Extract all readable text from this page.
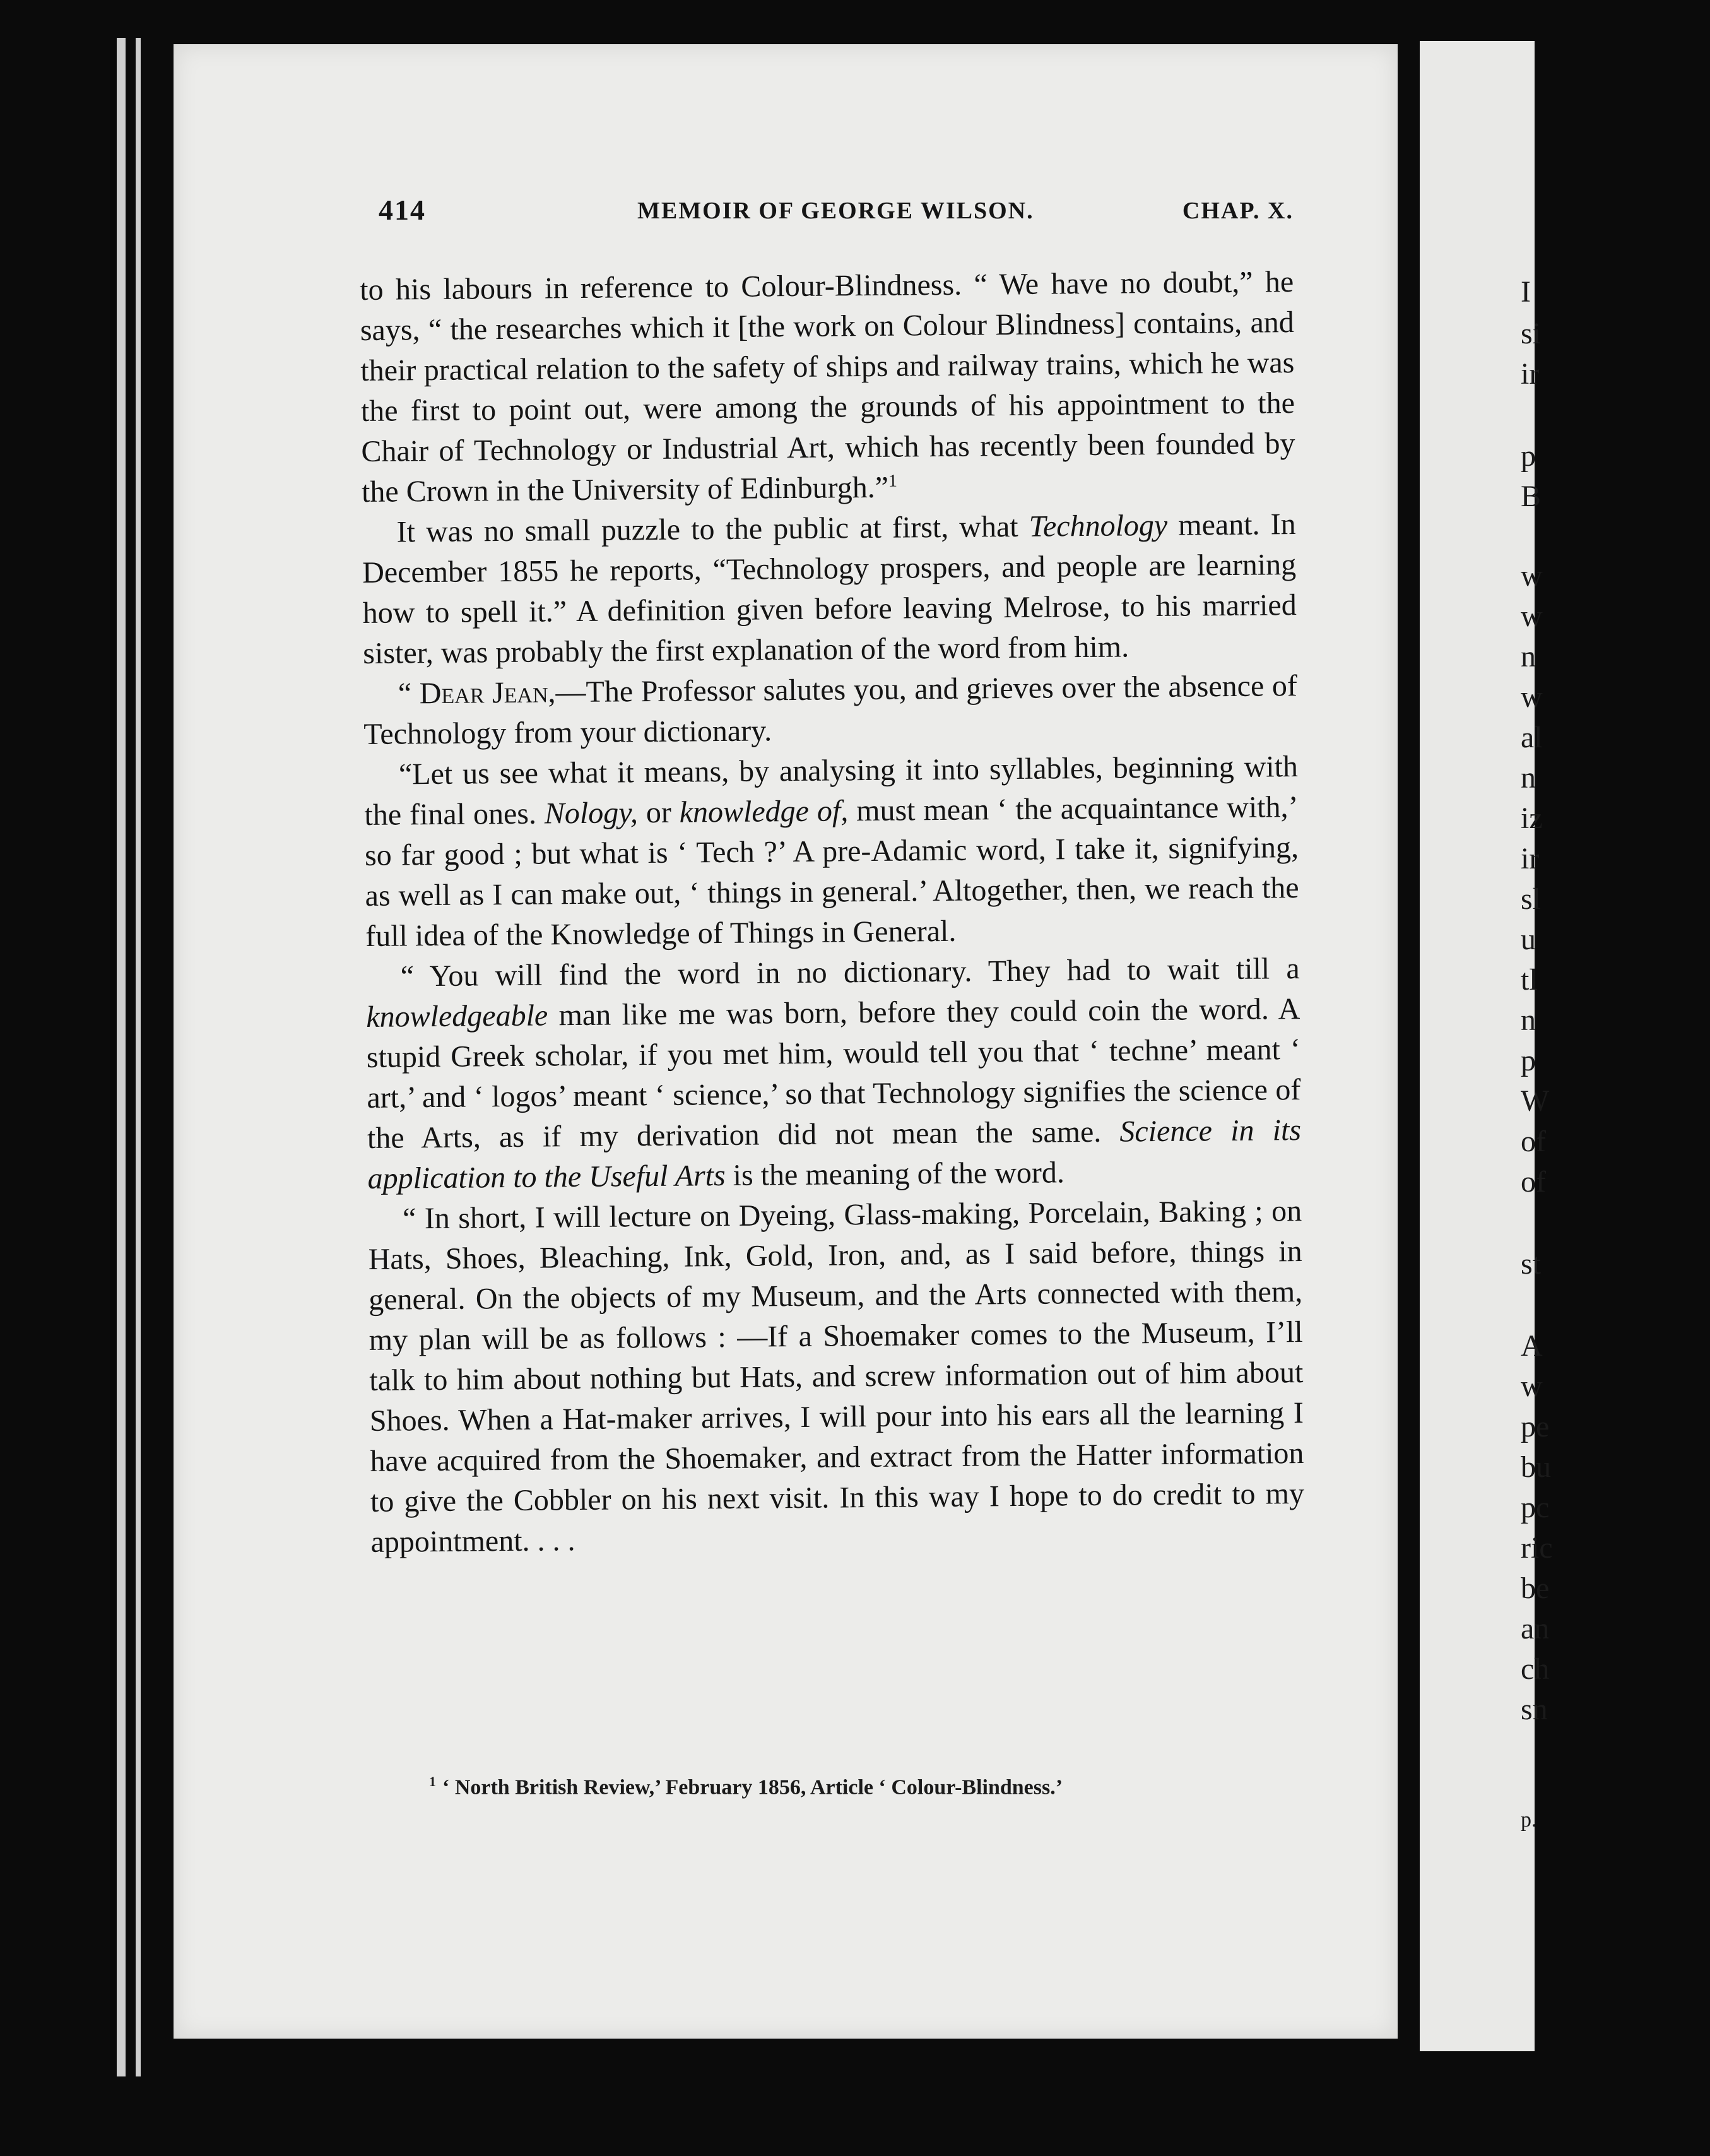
I
si
ir
p
B
w
w
n
w
al
n
iz
ir
sl
u
tl
n
p
W
of
of
st
A
w
pe
bu
pc
ric
be
an
ch
sn
p.
414	MEMOIR OF GEORGE WILSON.	CHAP. X.

to his labours in reference to Colour-Blindness. “ We have no doubt,” he says, “ the researches which it [the work on Colour Blindness] contains, and their practical relation to the safety of ships and railway trains, which he was the first to point out, were among the grounds of his appointment to the Chair of Technology or Industrial Art, which has recently been founded by the Crown in the University of Edinburgh.”$^1$

It was no small puzzle to the public at first, what Technology meant. In December 1855 he reports, “Technology prospers, and people are learning how to spell it.” A definition given before leaving Melrose, to his married sister, was probably the first explanation of the word from him.

“ Dear Jean,—The Professor salutes you, and grieves over the absence of Technology from your dictionary.

“Let us see what it means, by analysing it into syllables, beginning with the final ones. Nology, or knowledge of, must mean ‘ the acquaintance with,’ so far good ; but what is ‘ Tech ?’ A pre-Adamic word, I take it, signifying, as well as I can make out, ‘ things in general.’ Altogether, then, we reach the full idea of the Knowledge of Things in General.

“ You will find the word in no dictionary. They had to wait till a knowledgeable man like me was born, before they could coin the word. A stupid Greek scholar, if you met him, would tell you that ‘ techne’ meant ‘ art,’ and ‘ logos’ meant ‘ science,’ so that Technology signifies the science of the Arts, as if my derivation did not mean the same. Science in its application to the Useful Arts is the meaning of the word.

“ In short, I will lecture on Dyeing, Glass-making, Porcelain, Baking ; on Hats, Shoes, Bleaching, Ink, Gold, Iron, and, as I said before, things in general. On the objects of my Museum, and the Arts connected with them, my plan will be as follows : —If a Shoemaker comes to the Museum, I’ll talk to him about nothing but Hats, and screw information out of him about Shoes. When a Hat-maker arrives, I will pour into his ears all the learning I have acquired from the Shoemaker, and extract from the Hatter information to give the Cobbler on his next visit. In this way I hope to do credit to my appointment. . . .

$^1$ ‘ North British Review,’ February 1856, Article ‘ Colour-Blindness.’
